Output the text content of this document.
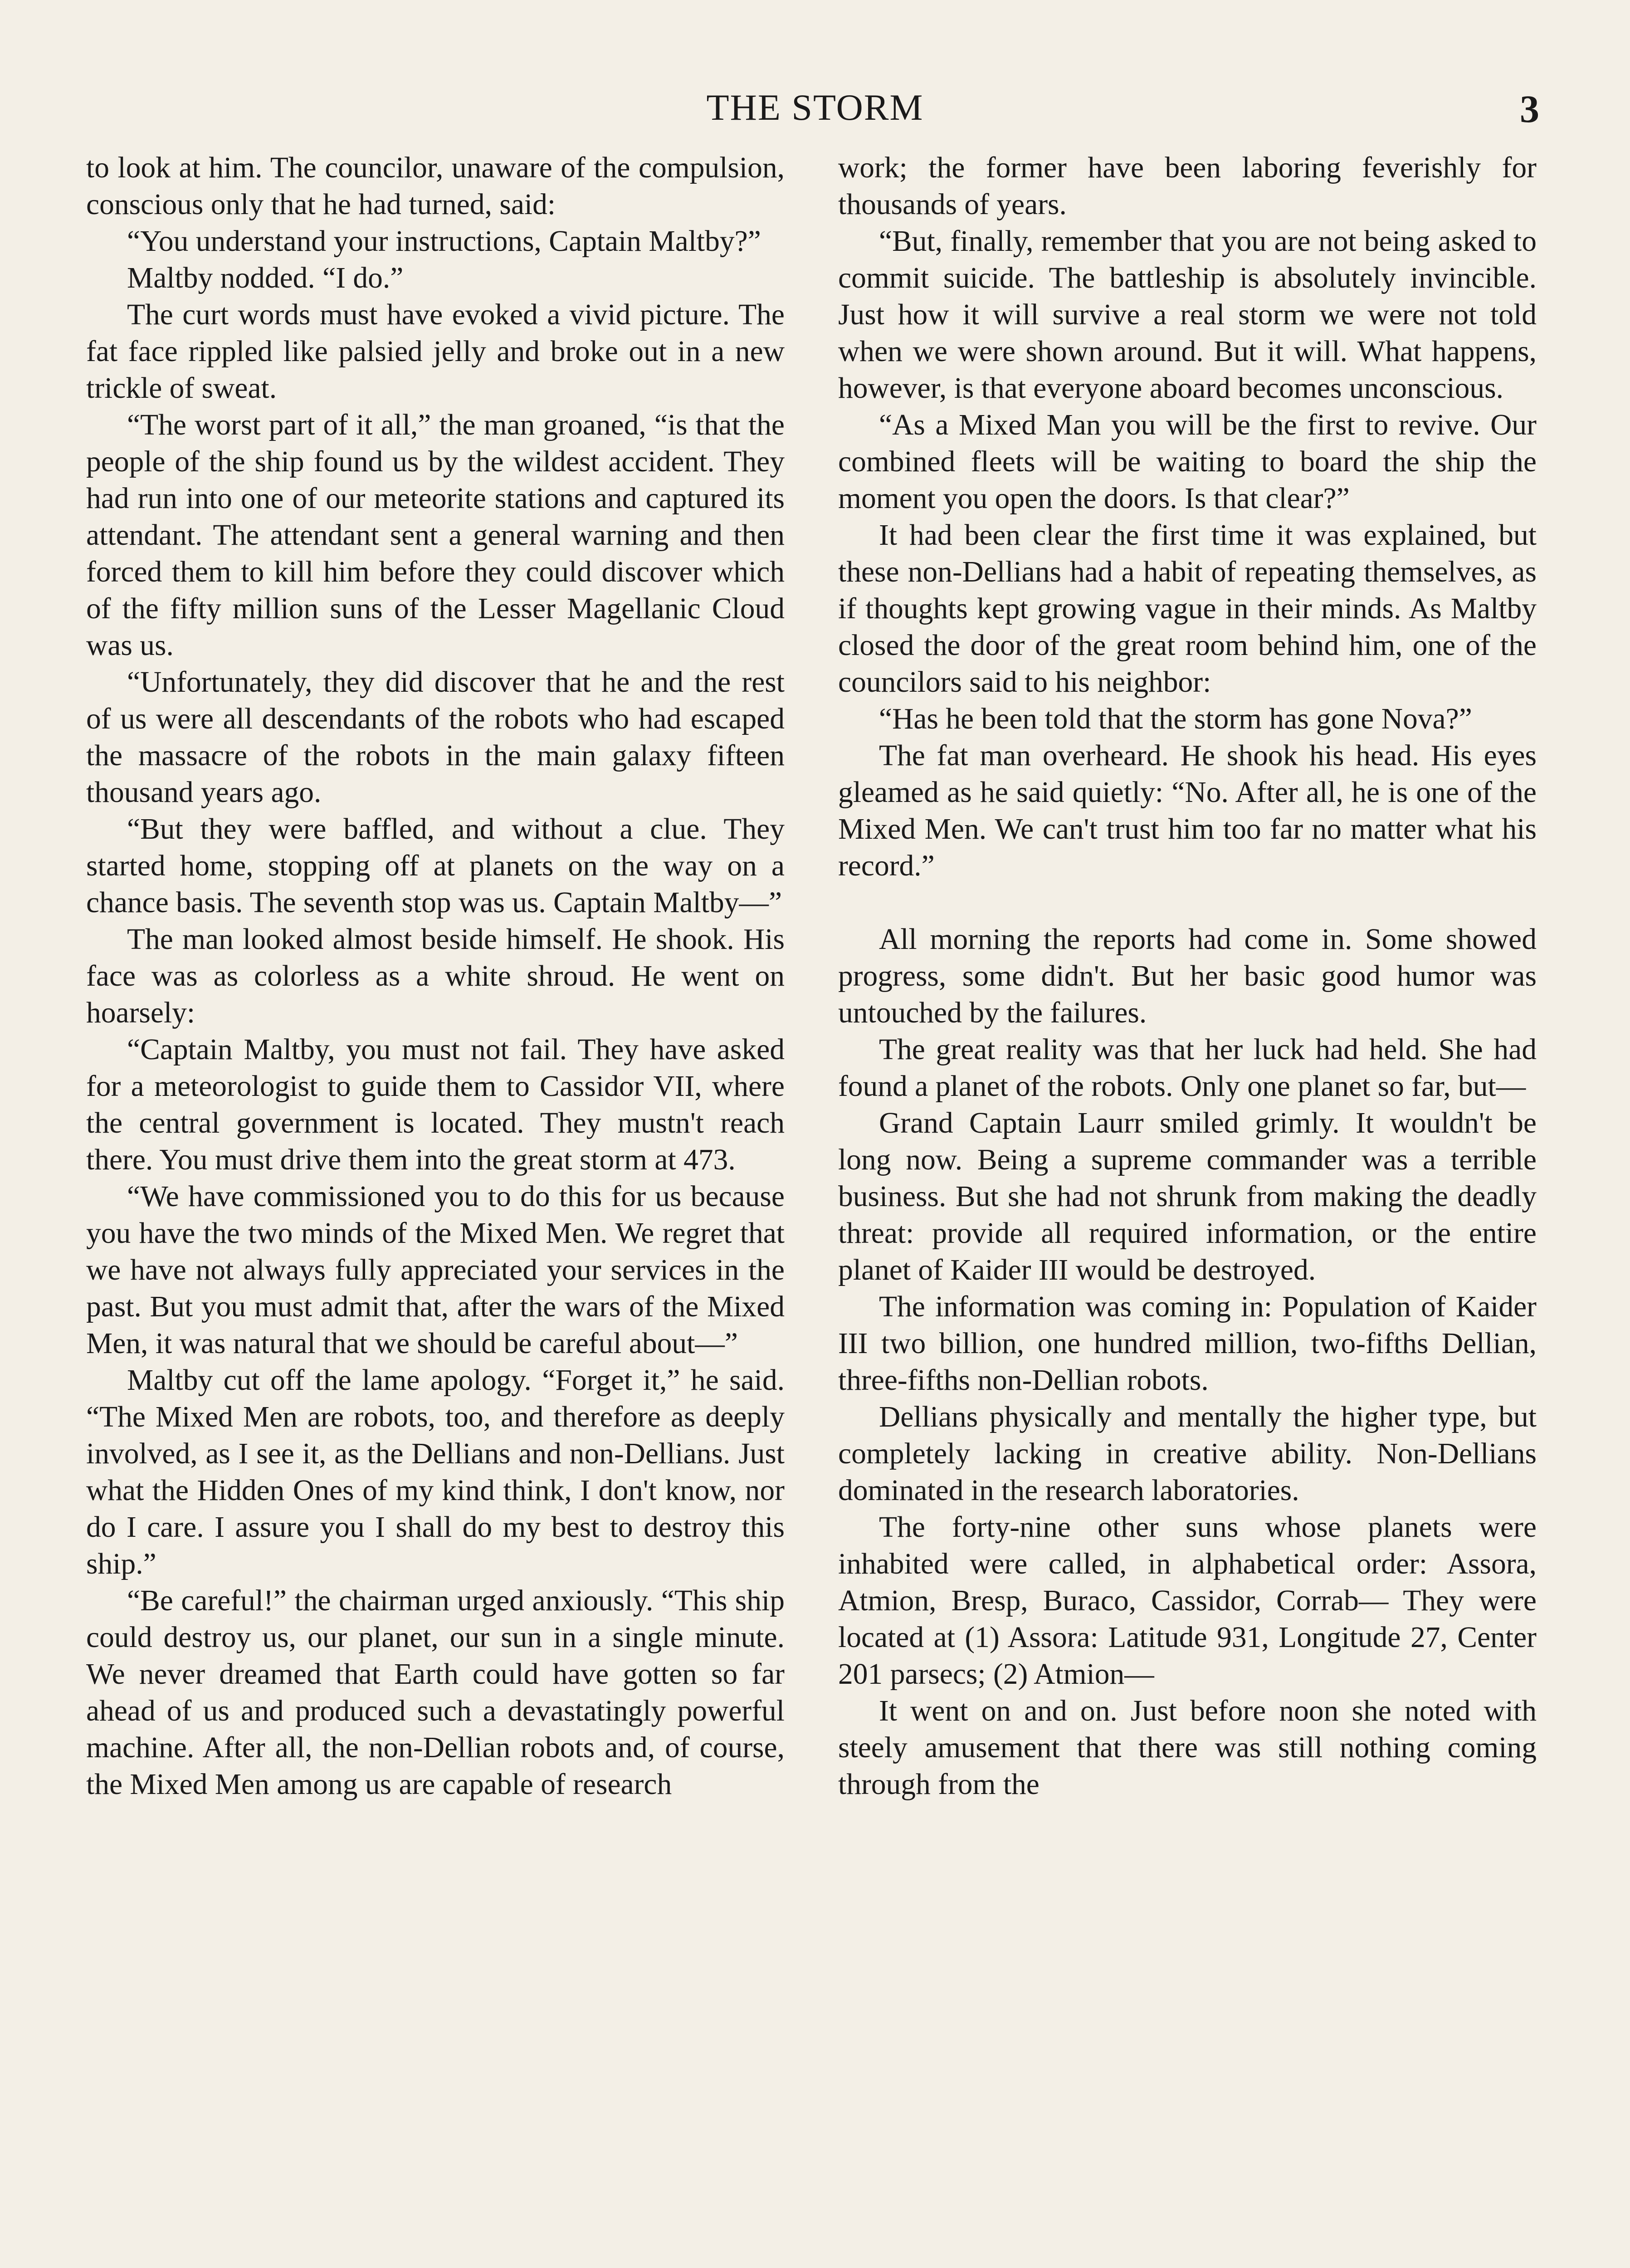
THE STORM	3

to look at him. The councilor, unaware of the compulsion, conscious only that he had turned, said:

“You understand your instructions, Captain Maltby?”

Maltby nodded. “I do.”

The curt words must have evoked a vivid picture. The fat face rippled like palsied jelly and broke out in a new trickle of sweat.

“The worst part of it all,” the man groaned, “is that the people of the ship found us by the wildest accident. They had run into one of our meteorite stations and captured its attendant. The attendant sent a general warning and then forced them to kill him before they could discover which of the fifty million suns of the Lesser Magellanic Cloud was us.

“Unfortunately, they did discover that he and the rest of us were all descendants of the robots who had escaped the massacre of the robots in the main galaxy fifteen thousand years ago.

“But they were baffled, and without a clue. They started home, stopping off at planets on the way on a chance basis. The seventh stop was us. Captain Maltby—”

The man looked almost beside himself. He shook. His face was as colorless as a white shroud. He went on hoarsely:

“Captain Maltby, you must not fail. They have asked for a meteorologist to guide them to Cassidor VII, where the central government is located. They mustn't reach there. You must drive them into the great storm at 473.

“We have commissioned you to do this for us because you have the two minds of the Mixed Men. We regret that we have not always fully appreciated your services in the past. But you must admit that, after the wars of the Mixed Men, it was natural that we should be careful about—”

Maltby cut off the lame apology. “Forget it,” he said. “The Mixed Men are robots, too, and therefore as deeply involved, as I see it, as the Dellians and non-Dellians. Just what the Hidden Ones of my kind think, I don't know, nor do I care. I assure you I shall do my best to destroy this ship.”

“Be careful!” the chairman urged anxiously. “This ship could destroy us, our planet, our sun in a single minute. We never dreamed that Earth could have gotten so far ahead of us and produced such a devastatingly powerful machine. After all, the non-Dellian robots and, of course, the Mixed Men among us are capable of research

work; the former have been laboring feverishly for thousands of years.

“But, finally, remember that you are not being asked to commit suicide. The battleship is absolutely invincible. Just how it will survive a real storm we were not told when we were shown around. But it will. What happens, however, is that everyone aboard becomes unconscious.

“As a Mixed Man you will be the first to revive. Our combined fleets will be waiting to board the ship the moment you open the doors. Is that clear?”

It had been clear the first time it was explained, but these non-Dellians had a habit of repeating themselves, as if thoughts kept growing vague in their minds. As Maltby closed the door of the great room behind him, one of the councilors said to his neighbor:

“Has he been told that the storm has gone Nova?”

The fat man overheard. He shook his head. His eyes gleamed as he said quietly: “No. After all, he is one of the Mixed Men. We can't trust him too far no matter what his record.”

All morning the reports had come in. Some showed progress, some didn't. But her basic good humor was untouched by the failures.

The great reality was that her luck had held. She had found a planet of the robots. Only one planet so far, but—

Grand Captain Laurr smiled grimly. It wouldn't be long now. Being a supreme commander was a terrible business. But she had not shrunk from making the deadly threat: provide all required information, or the entire planet of Kaider III would be destroyed.

The information was coming in: Population of Kaider III two billion, one hundred million, two-fifths Dellian, three-fifths non-Dellian robots.

Dellians physically and mentally the higher type, but completely lacking in creative ability. Non-Dellians dominated in the research laboratories.

The forty-nine other suns whose planets were inhabited were called, in alphabetical order: Assora, Atmion, Bresp, Buraco, Cassidor, Corrab— They were located at (1) Assora: Latitude 931, Longitude 27, Center 201 parsecs; (2) Atmion—

It went on and on. Just before noon she noted with steely amusement that there was still nothing coming through from the
